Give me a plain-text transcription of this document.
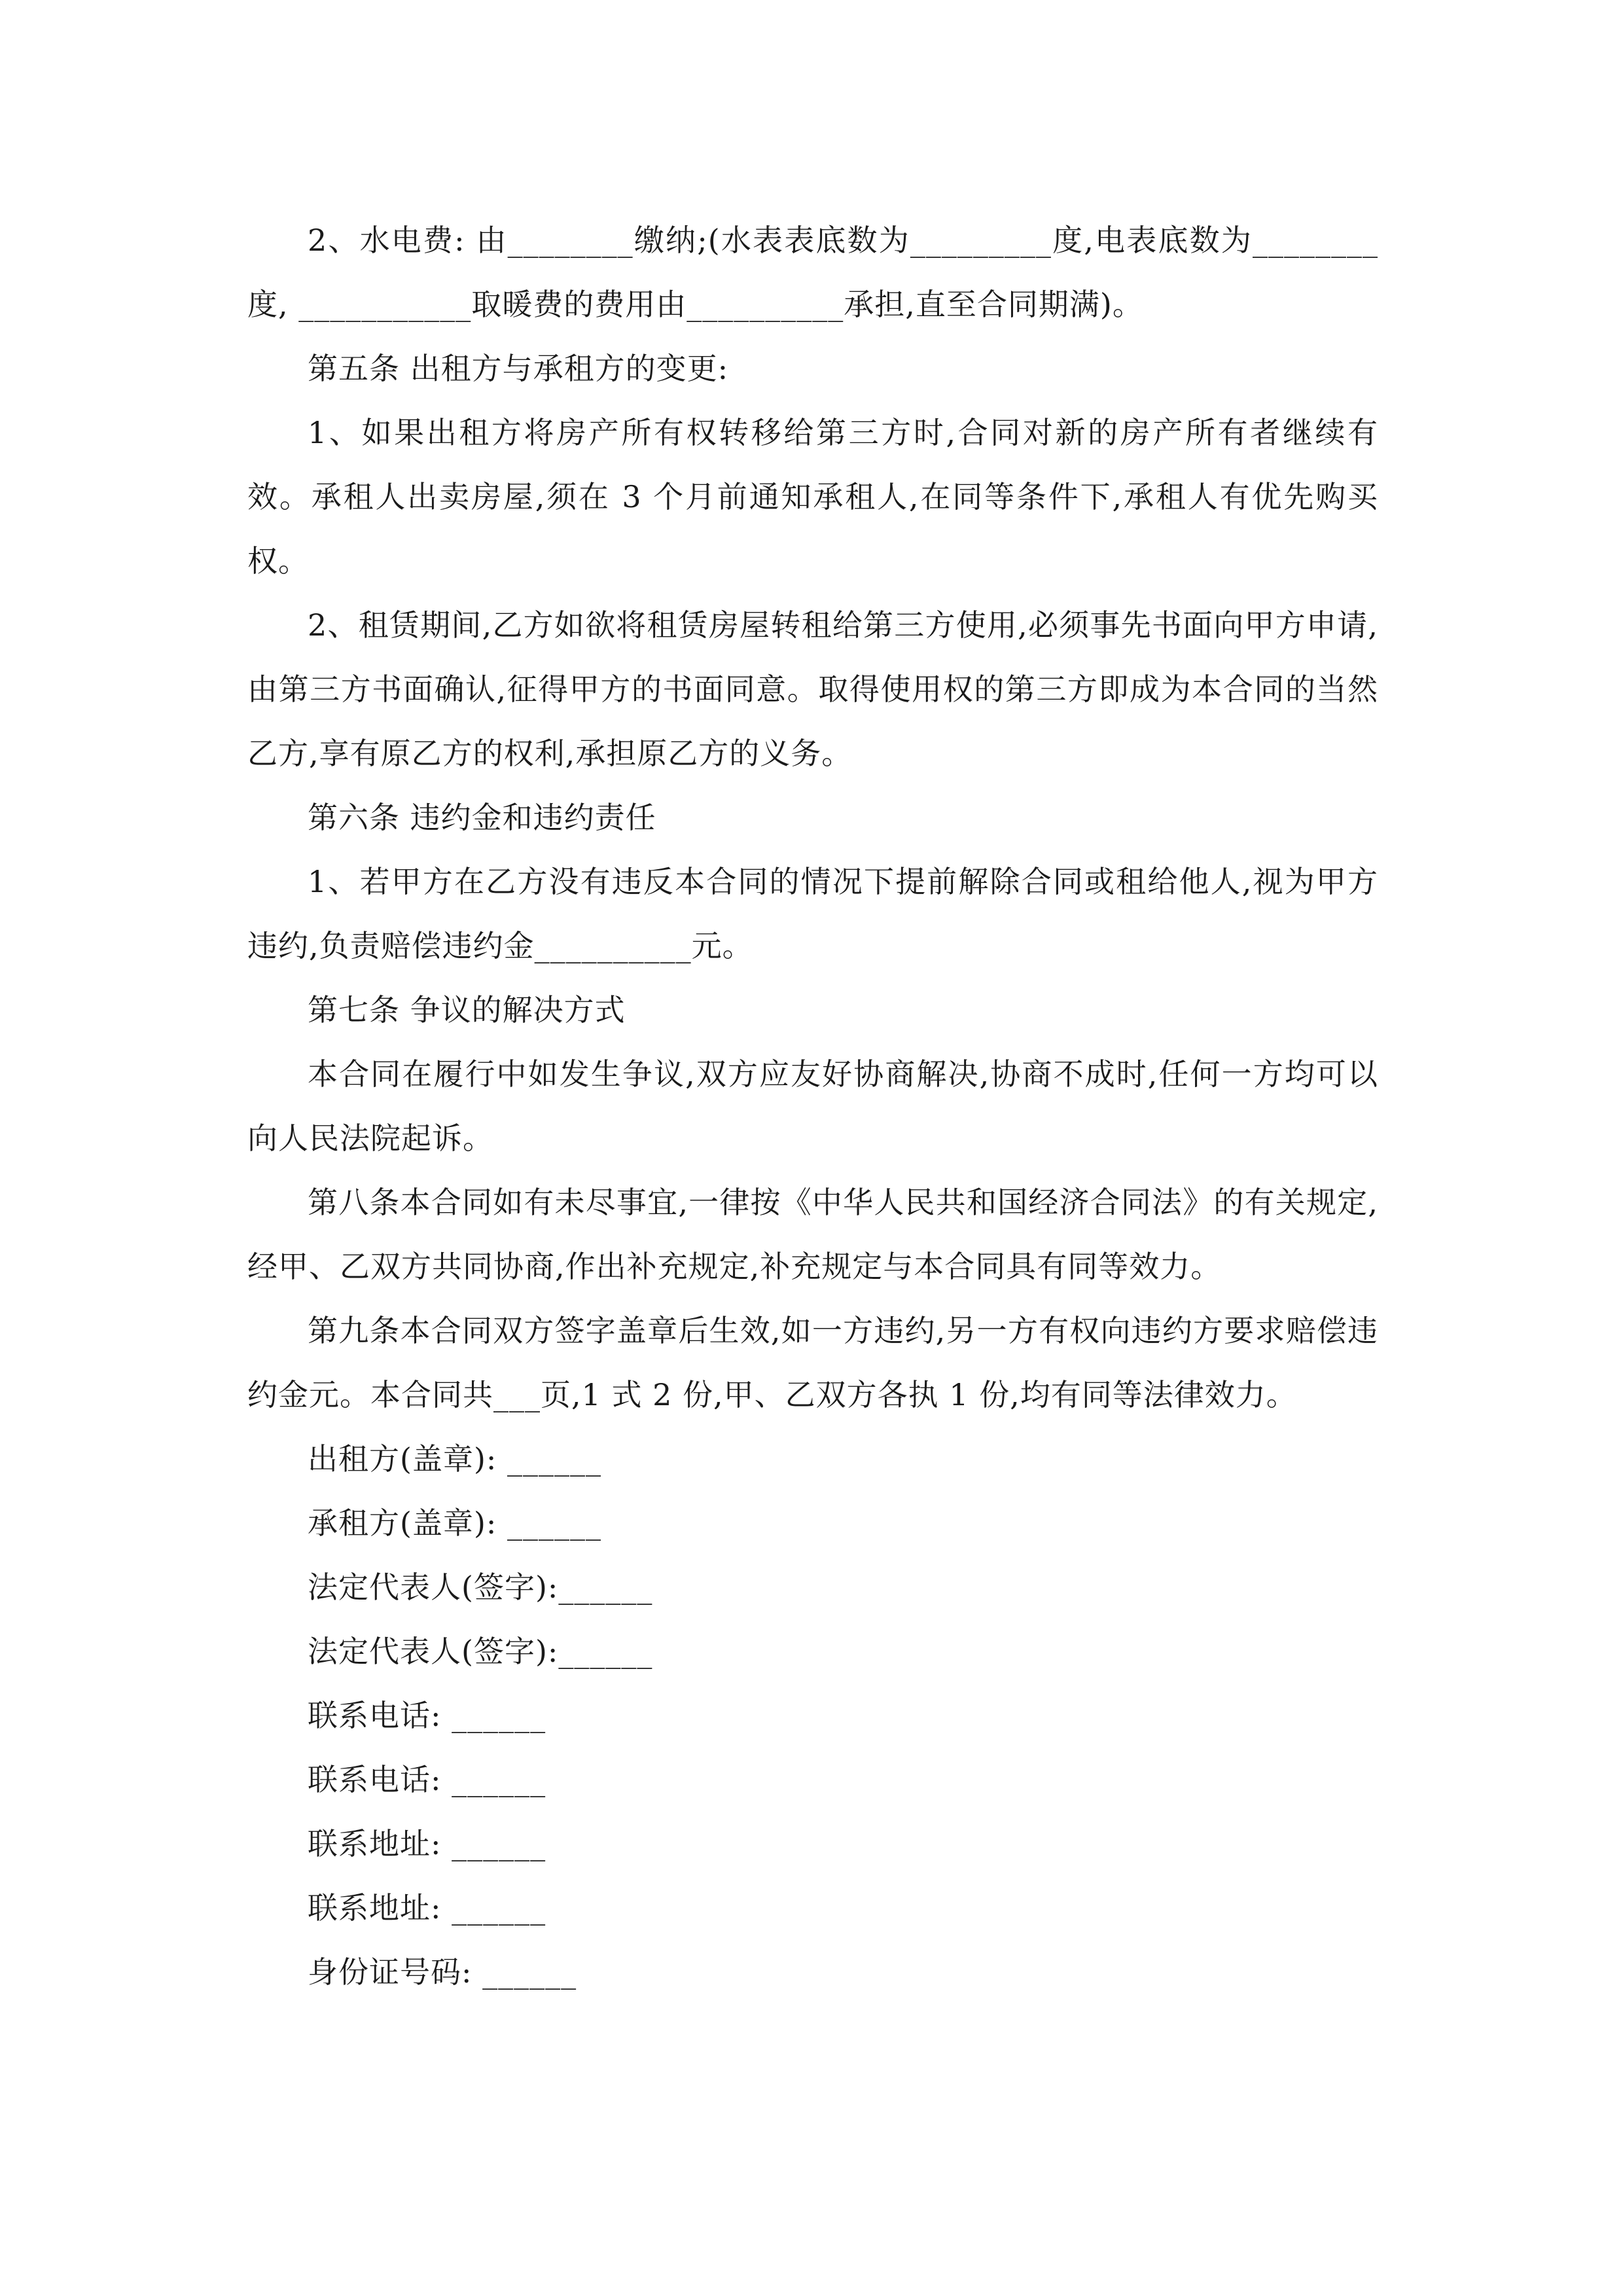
2、水电费: 由________缴纳;(水表表底数为_________度,电表底数为________度, ___________取暖费的费用由__________承担,直至合同期满)。

第五条 出租方与承租方的变更:

1、如果出租方将房产所有权转移给第三方时,合同对新的房产所有者继续有效。承租人出卖房屋,须在 3 个月前通知承租人,在同等条件下,承租人有优先购买权。

2、租赁期间,乙方如欲将租赁房屋转租给第三方使用,必须事先书面向甲方申请,由第三方书面确认,征得甲方的书面同意。取得使用权的第三方即成为本合同的当然乙方,享有原乙方的权利,承担原乙方的义务。

第六条 违约金和违约责任

1、若甲方在乙方没有违反本合同的情况下提前解除合同或租给他人,视为甲方违约,负责赔偿违约金__________元。

第七条 争议的解决方式

本合同在履行中如发生争议,双方应友好协商解决,协商不成时,任何一方均可以向人民法院起诉。

第八条本合同如有未尽事宜,一律按《中华人民共和国经济合同法》的有关规定,经甲、乙双方共同协商,作出补充规定,补充规定与本合同具有同等效力。

第九条本合同双方签字盖章后生效,如一方违约,另一方有权向违约方要求赔偿违约金元。本合同共___页,1 式 2 份,甲、乙双方各执 1 份,均有同等法律效力。

出租方(盖章): ______

承租方(盖章): ______

法定代表人(签字):______

法定代表人(签字):______

联系电话: ______

联系电话: ______

联系地址: ______

联系地址: ______

身份证号码: ______
